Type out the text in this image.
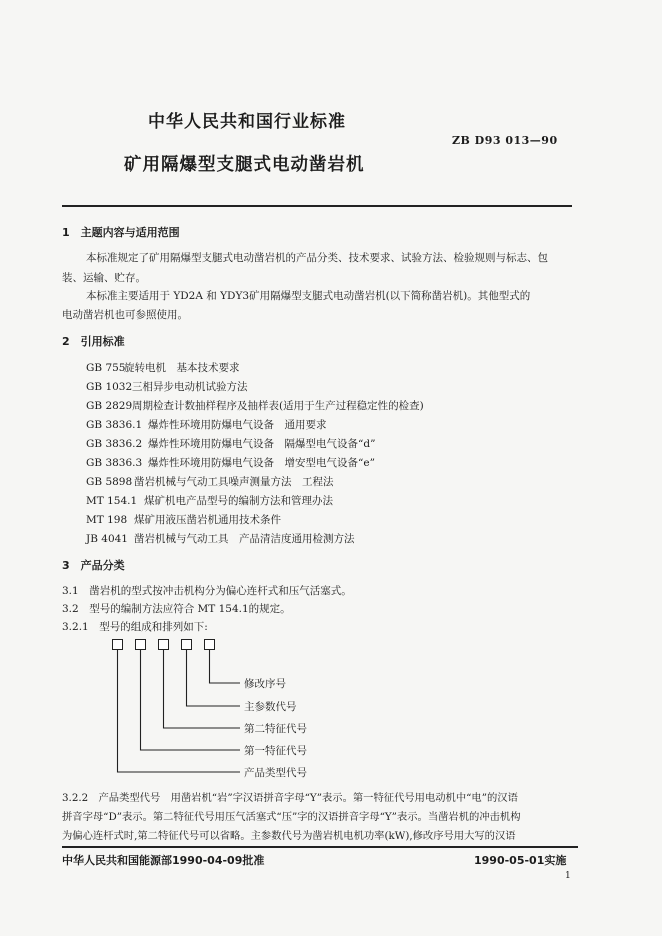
中华人民共和国行业标准
ZB D93 013—90
矿用隔爆型支腿式电动凿岩机
1　主题内容与适用范围
本标准规定了矿用隔爆型支腿式电动凿岩机的产品分类、技术要求、试验方法、检验规则与标志、包
装、运输、贮存。
本标准主要适用于 YD2A 和 YDY3矿用隔爆型支腿式电动凿岩机(以下简称凿岩机)。其他型式的
电动凿岩机也可参照使用。
2　引用标准
GB 755旋转电机　基本技术要求
GB 1032三相异步电动机试验方法
GB 2829周期检查计数抽样程序及抽样表(适用于生产过程稳定性的检查)
GB 3836.1 爆炸性环境用防爆电气设备　通用要求
GB 3836.2 爆炸性环境用防爆电气设备　隔爆型电气设备“d”
GB 3836.3 爆炸性环境用防爆电气设备　增安型电气设备“e”
GB 5898 凿岩机械与气动工具噪声测量方法　工程法
MT 154.1 煤矿机电产品型号的编制方法和管理办法
MT 198 煤矿用液压凿岩机通用技术条件
JB 4041 凿岩机械与气动工具　产品清洁度通用检测方法
3　产品分类
3.1　凿岩机的型式按冲击机构分为偏心连杆式和压气活塞式。
3.2　型号的编制方法应符合 MT 154.1的规定。
3.2.1　型号的组成和排列如下:
修改序号
主参数代号
第二特征代号
第一特征代号
产品类型代号
3.2.2　产品类型代号　用凿岩机“岩”字汉语拼音字母“Y”表示。第一特征代号用电动机中“电”的汉语
拼音字母“D”表示。第二特征代号用压气活塞式“压”字的汉语拼音字母“Y”表示。当凿岩机的冲击机构
为偏心连杆式时,第二特征代号可以省略。主参数代号为凿岩机电机功率(kW),修改序号用大写的汉语
中华人民共和国能源部1990-04-09批准	1990-05-01实施
1
